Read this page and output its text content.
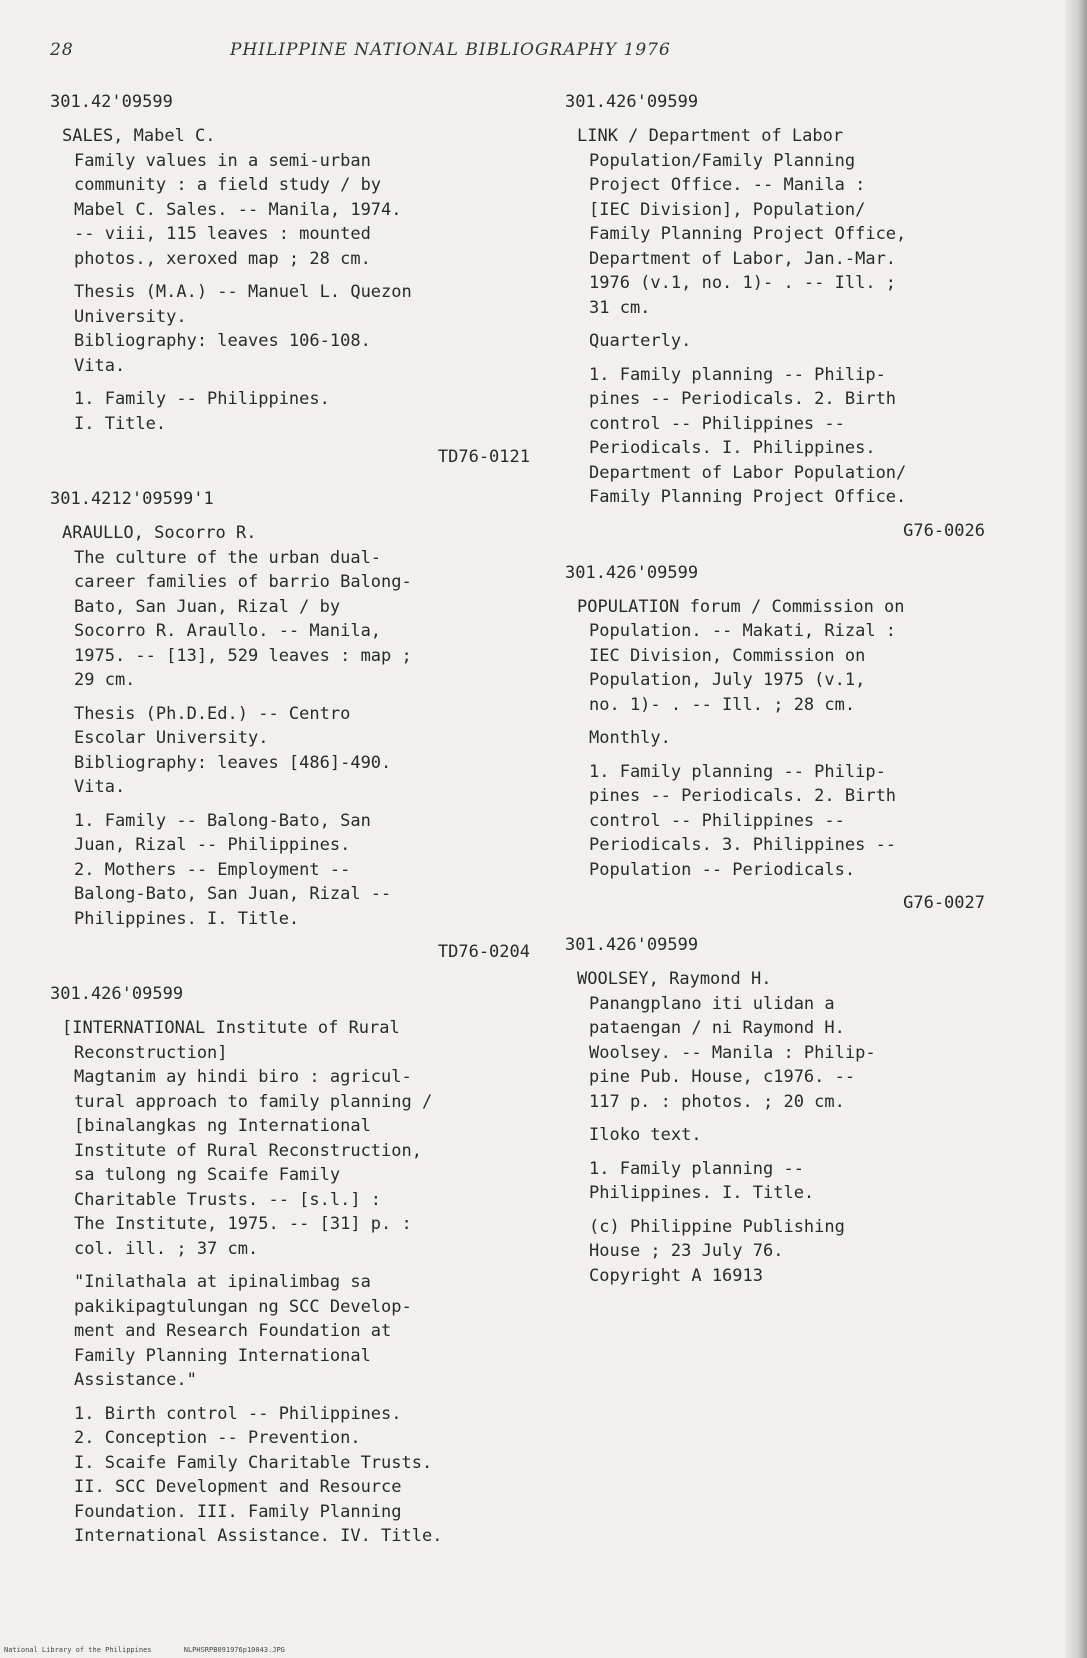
28	PHILIPPINE NATIONAL BIBLIOGRAPHY 1976
301.42'09599
SALES, Mabel C.
Family values in a semi-urban
community : a field study / by
Mabel C. Sales. -- Manila, 1974.
-- viii, 115 leaves : mounted
photos., xeroxed map ; 28 cm.
Thesis (M.A.) -- Manuel L. Quezon
University.
Bibliography: leaves 106-108.
Vita.
1. Family -- Philippines.
I. Title.
TD76-0121
301.4212'09599'1
ARAULLO, Socorro R.
The culture of the urban dual-
career families of barrio Balong-
Bato, San Juan, Rizal / by
Socorro R. Araullo. -- Manila,
1975. -- [13], 529 leaves : map ;
29 cm.
Thesis (Ph.D.Ed.) -- Centro
Escolar University.
Bibliography: leaves [486]-490.
Vita.
1. Family -- Balong-Bato, San
Juan, Rizal -- Philippines.
2. Mothers -- Employment --
Balong-Bato, San Juan, Rizal --
Philippines. I. Title.
TD76-0204
301.426'09599
[INTERNATIONAL Institute of Rural
Reconstruction]
Magtanim ay hindi biro : agricul-
tural approach to family planning /
[binalangkas ng International
Institute of Rural Reconstruction,
sa tulong ng Scaife Family
Charitable Trusts. -- [s.l.] :
The Institute, 1975. -- [31] p. :
col. ill. ; 37 cm.
"Inilathala at ipinalimbag sa
pakikipagtulungan ng SCC Develop-
ment and Research Foundation at
Family Planning International
Assistance."
1. Birth control -- Philippines.
2. Conception -- Prevention.
I. Scaife Family Charitable Trusts.
II. SCC Development and Resource
Foundation. III. Family Planning
International Assistance. IV. Title.
301.426'09599
LINK / Department of Labor
Population/Family Planning
Project Office. -- Manila :
[IEC Division], Population/
Family Planning Project Office,
Department of Labor, Jan.-Mar.
1976 (v.1, no. 1)- . -- Ill. ;
31 cm.
Quarterly.
1. Family planning -- Philip-
pines -- Periodicals. 2. Birth
control -- Philippines --
Periodicals. I. Philippines.
Department of Labor Population/
Family Planning Project Office.
G76-0026
301.426'09599
POPULATION forum / Commission on
Population. -- Makati, Rizal :
IEC Division, Commission on
Population, July 1975 (v.1,
no. 1)- . -- Ill. ; 28 cm.
Monthly.
1. Family planning -- Philip-
pines -- Periodicals. 2. Birth
control -- Philippines --
Periodicals. 3. Philippines --
Population -- Periodicals.
G76-0027
301.426'09599
WOOLSEY, Raymond H.
Panangplano iti ulidan a
pataengan / ni Raymond H.
Woolsey. -- Manila : Philip-
pine Pub. House, c1976. --
117 p. : photos. ; 20 cm.
Iloko text.
1. Family planning --
Philippines. I. Title.
(c) Philippine Publishing
House ; 23 July 76.
Copyright A 16913
National Library of the Philippines	NLPHSRPB091976p10043.JPG
